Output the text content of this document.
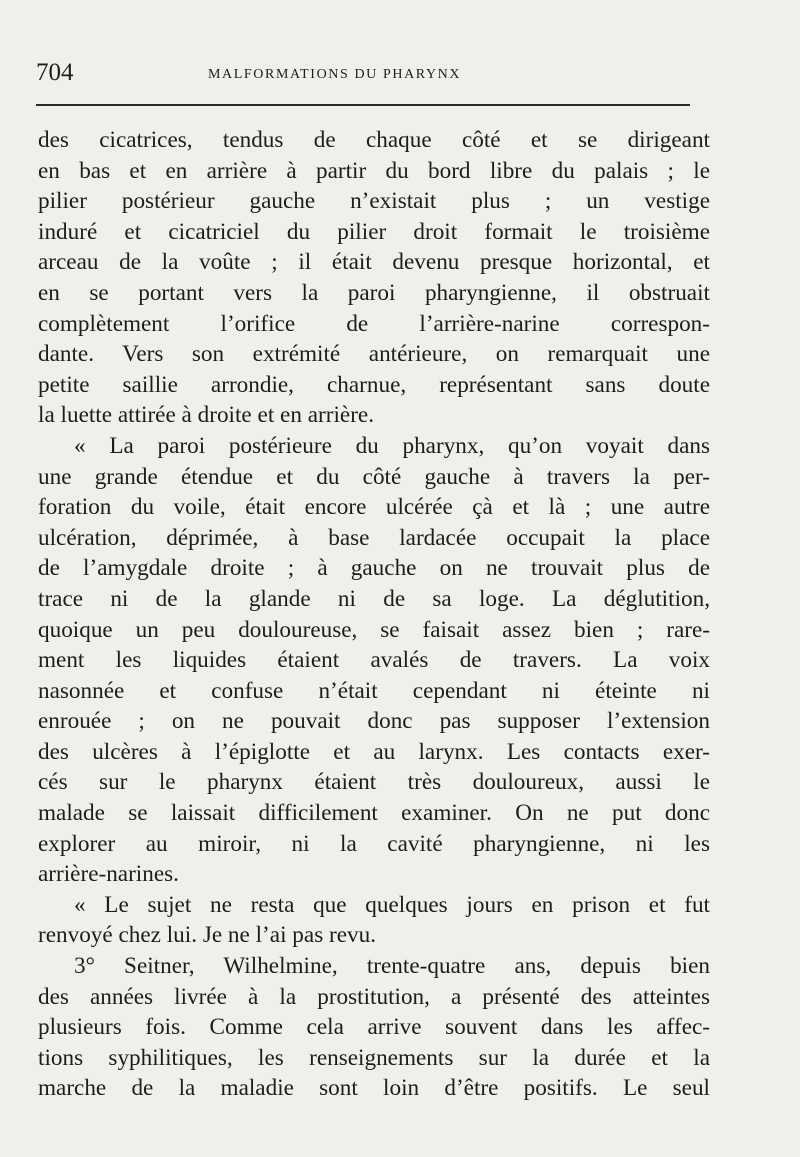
704	MALFORMATIONS DU PHARYNX
des cicatrices, tendus de chaque côté et se dirigeant
en bas et en arrière à partir du bord libre du palais ; le
pilier postérieur gauche n’existait plus ; un vestige
induré et cicatriciel du pilier droit formait le troisième
arceau de la voûte ; il était devenu presque horizontal, et
en se portant vers la paroi pharyngienne, il obstruait
complètement l’orifice de l’arrière-narine correspon-
dante. Vers son extrémité antérieure, on remarquait une
petite saillie arrondie, charnue, représentant sans doute
la luette attirée à droite et en arrière.
« La paroi postérieure du pharynx, qu’on voyait dans
une grande étendue et du côté gauche à travers la per-
foration du voile, était encore ulcérée çà et là ; une autre
ulcération, déprimée, à base lardacée occupait la place
de l’amygdale droite ; à gauche on ne trouvait plus de
trace ni de la glande ni de sa loge. La déglutition,
quoique un peu douloureuse, se faisait assez bien ; rare-
ment les liquides étaient avalés de travers. La voix
nasonnée et confuse n’était cependant ni éteinte ni
enrouée ; on ne pouvait donc pas supposer l’extension
des ulcères à l’épiglotte et au larynx. Les contacts exer-
cés sur le pharynx étaient très douloureux, aussi le
malade se laissait difficilement examiner. On ne put donc
explorer au miroir, ni la cavité pharyngienne, ni les
arrière-narines.
« Le sujet ne resta que quelques jours en prison et fut
renvoyé chez lui. Je ne l’ai pas revu.
3° Seitner, Wilhelmine, trente-quatre ans, depuis bien
des années livrée à la prostitution, a présenté des atteintes
plusieurs fois. Comme cela arrive souvent dans les affec-
tions syphilitiques, les renseignements sur la durée et la
marche de la maladie sont loin d’être positifs. Le seul
